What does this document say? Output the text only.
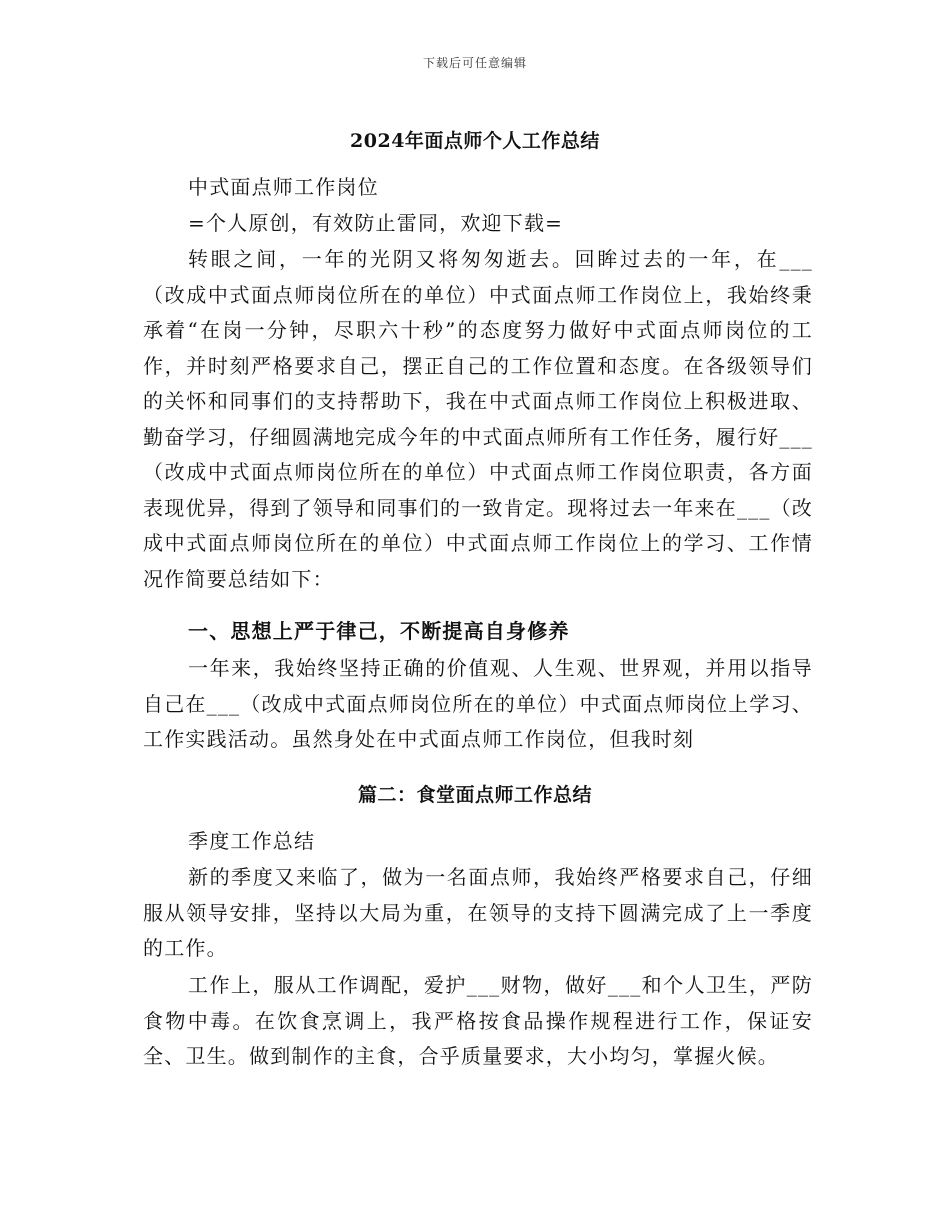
下载后可任意编辑
2024年面点师个人工作总结

中式面点师工作岗位

=个人原创，有效防止雷同，欢迎下载=

转眼之间，一年的光阴又将匆匆逝去。回眸过去的一年，在___（改成中式面点师岗位所在的单位）中式面点师工作岗位上，我始终秉承着“在岗一分钟，尽职六十秒”的态度努力做好中式面点师岗位的工作，并时刻严格要求自己，摆正自己的工作位置和态度。在各级领导们的关怀和同事们的支持帮助下，我在中式面点师工作岗位上积极进取、勤奋学习，仔细圆满地完成今年的中式面点师所有工作任务，履行好___（改成中式面点师岗位所在的单位）中式面点师工作岗位职责，各方面表现优异，得到了领导和同事们的一致肯定。现将过去一年来在___（改成中式面点师岗位所在的单位）中式面点师工作岗位上的学习、工作情况作简要总结如下：

一、思想上严于律己，不断提高自身修养

一年来，我始终坚持正确的价值观、人生观、世界观，并用以指导自己在___（改成中式面点师岗位所在的单位）中式面点师岗位上学习、工作实践活动。虽然身处在中式面点师工作岗位，但我时刻

篇二：食堂面点师工作总结

季度工作总结

新的季度又来临了，做为一名面点师，我始终严格要求自己，仔细服从领导安排，坚持以大局为重，在领导的支持下圆满完成了上一季度的工作。

工作上，服从工作调配，爱护___财物，做好___和个人卫生，严防食物中毒。在饮食烹调上，我严格按食品操作规程进行工作，保证安全、卫生。做到制作的主食，合乎质量要求，大小均匀，掌握火候。
